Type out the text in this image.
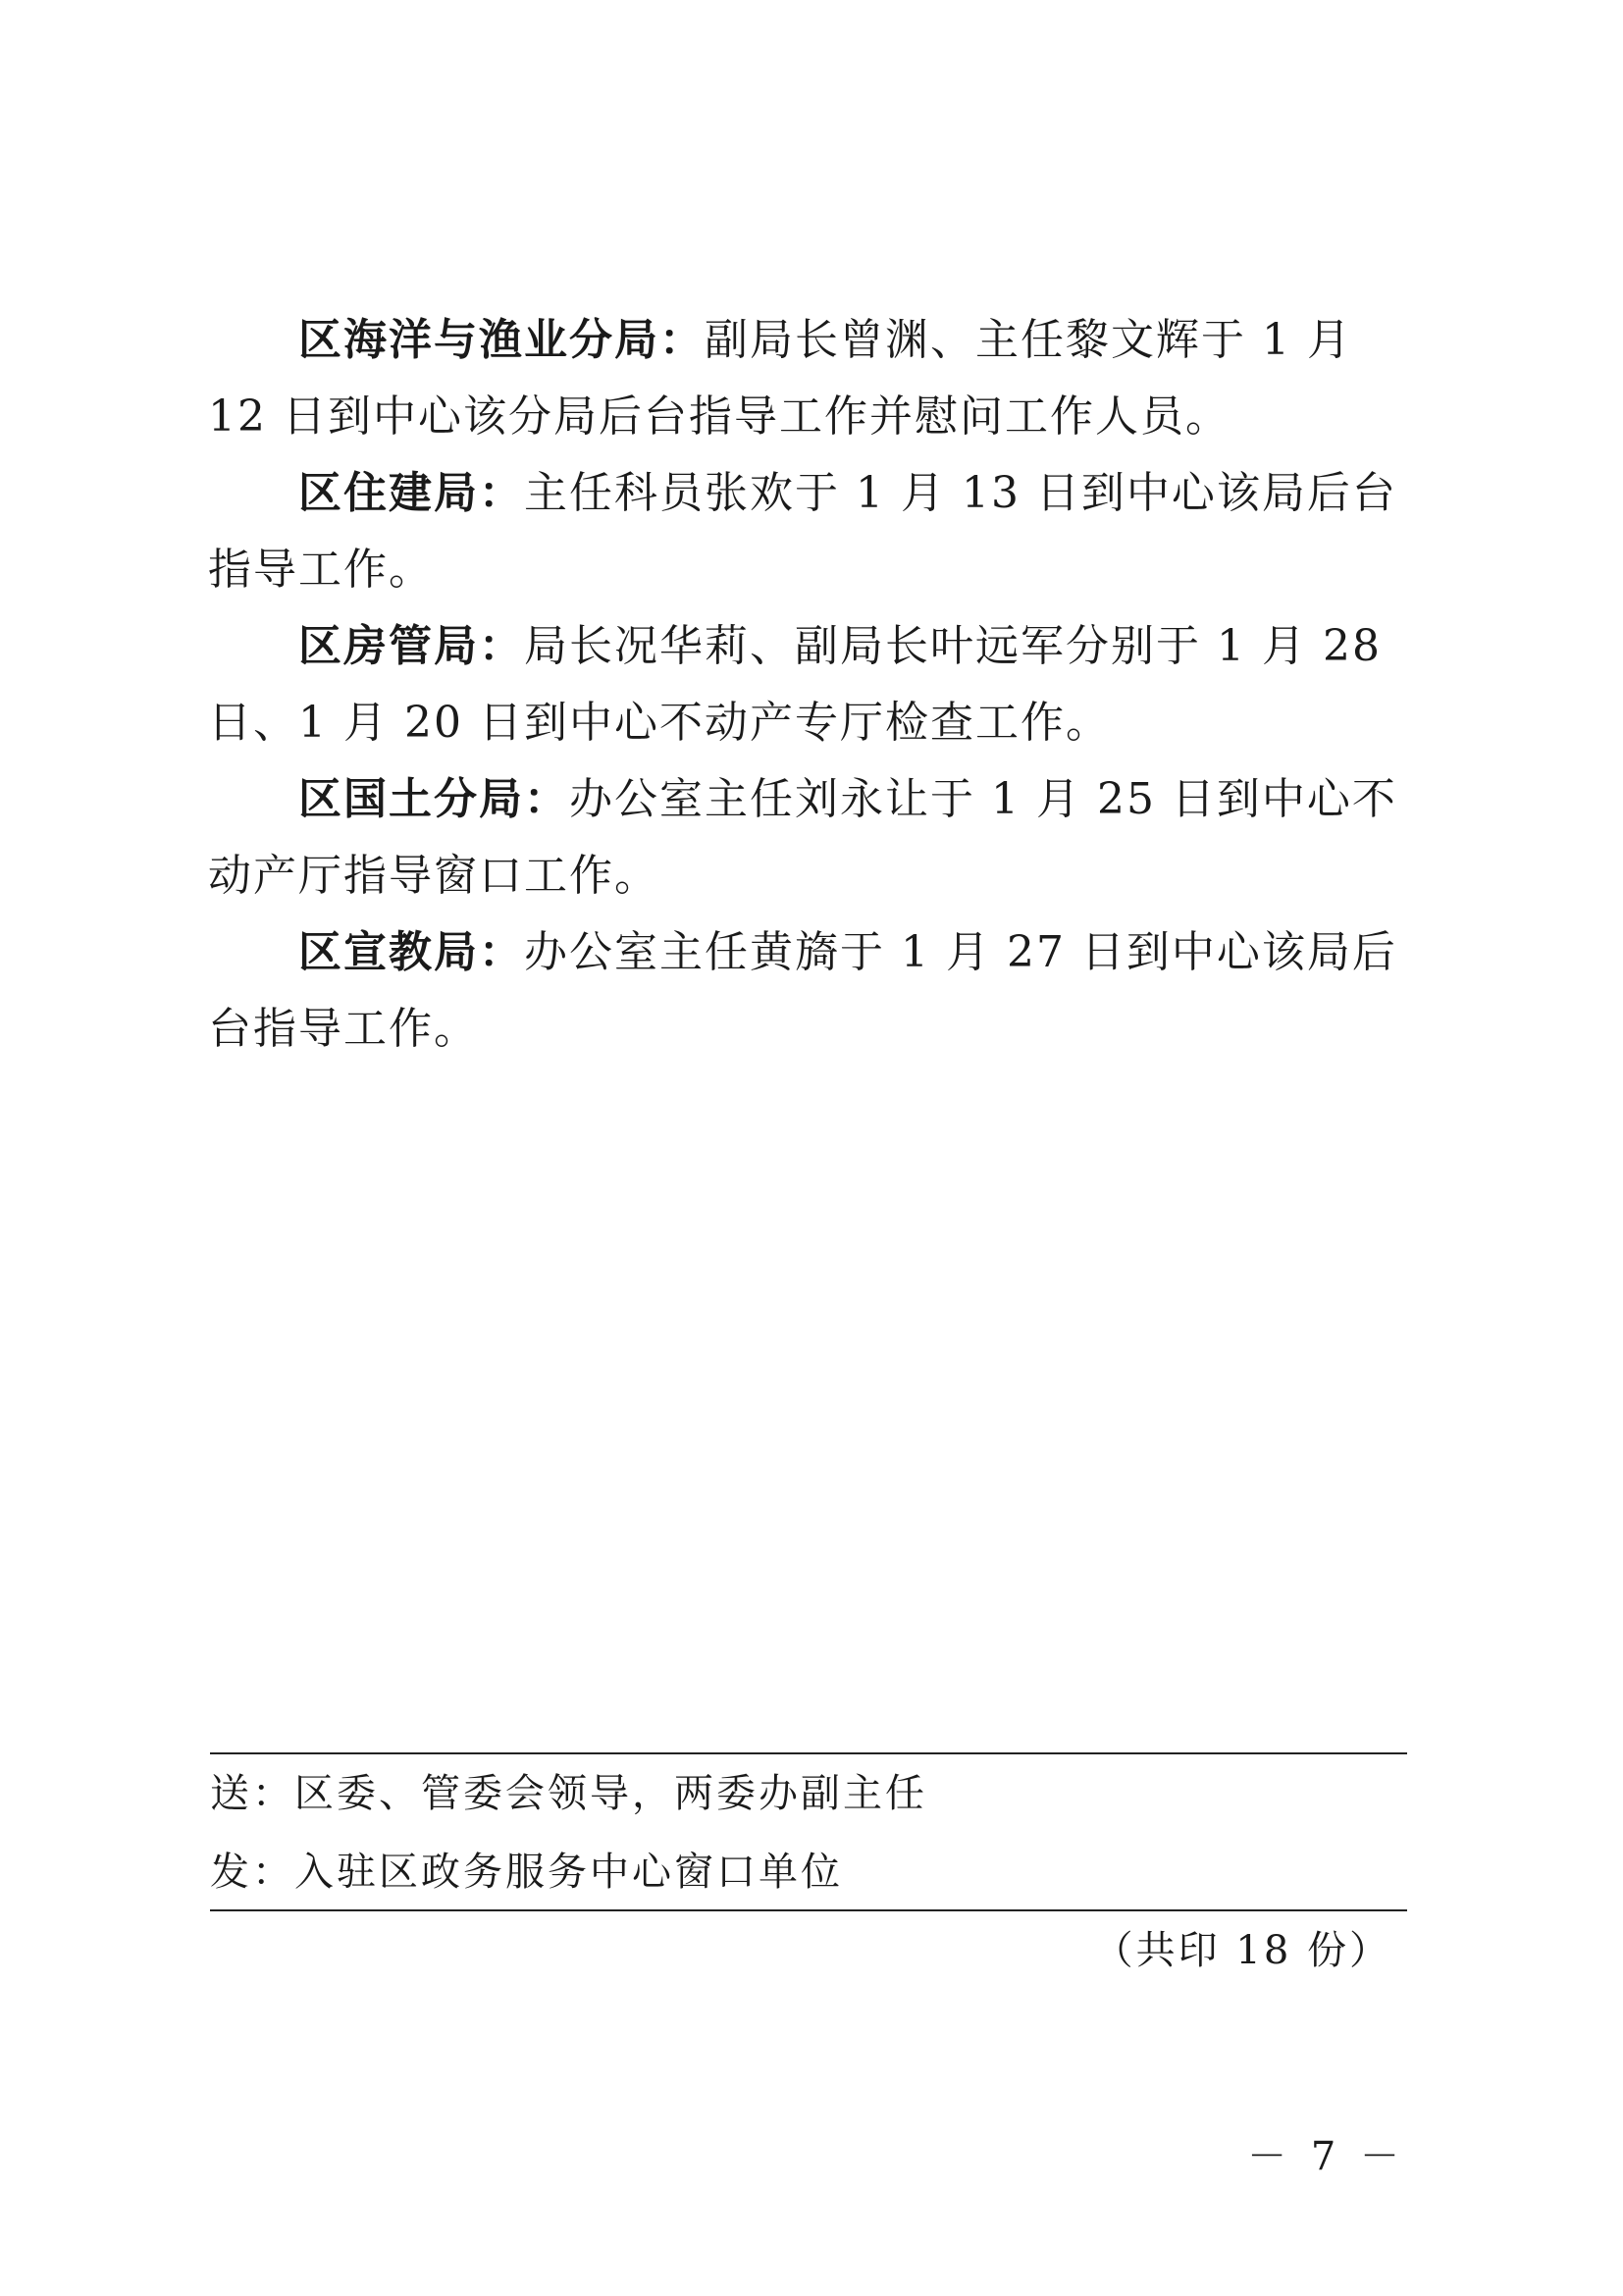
区海洋与渔业分局：副局长曾渊、主任黎文辉于 1 月 12 日到中心该分局后台指导工作并慰问工作人员。

区住建局：主任科员张欢于 1 月 13 日到中心该局后台指导工作。

区房管局：局长况华莉、副局长叶远军分别于 1 月 28 日、1 月 20 日到中心不动产专厅检查工作。

区国土分局：办公室主任刘永让于 1 月 25 日到中心不动产厅指导窗口工作。

区宣教局：办公室主任黄旖于 1 月 27 日到中心该局后台指导工作。

送：区委、管委会领导，两委办副主任
发：入驻区政务服务中心窗口单位
（共印 18 份）
－ 7 －
